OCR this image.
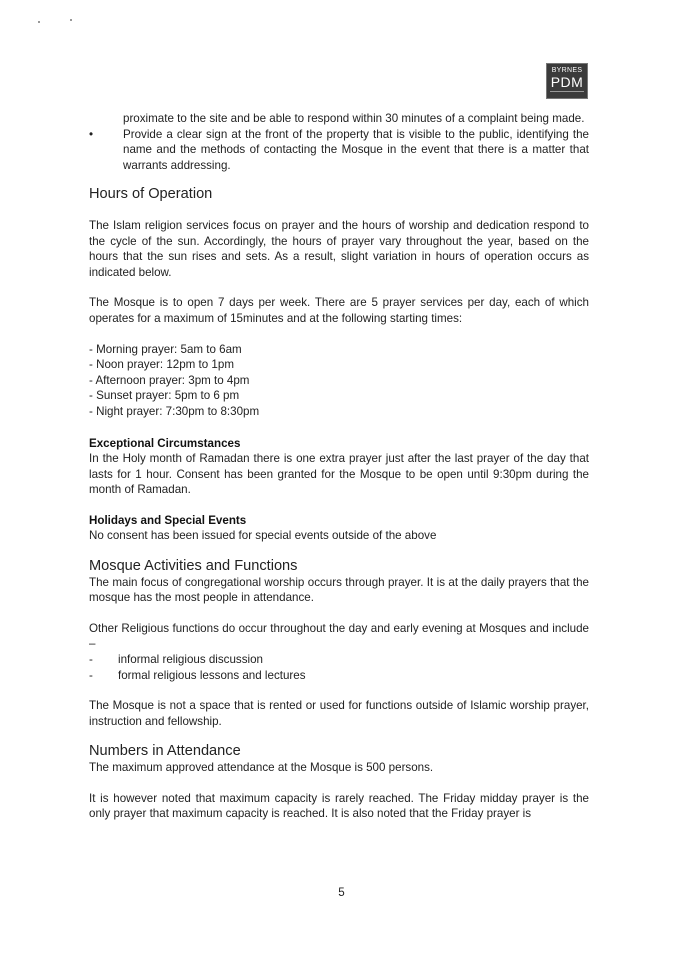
BYRNES
PDM
proximate to the site and be able to respond within 30 minutes of a complaint being made.
•	Provide a clear sign at the front of the property that is visible to the public, identifying the name and the methods of contacting the Mosque in the event that there is a matter that warrants addressing.
Hours of Operation

The Islam religion services focus on prayer and the hours of worship and dedication respond to the cycle of the sun. Accordingly, the hours of prayer vary throughout the year, based on the hours that the sun rises and sets. As a result, slight variation in hours of operation occurs as indicated below.

The Mosque is to open 7 days per week. There are 5 prayer services per day, each of which operates for a maximum of 15minutes and at the following starting times:

- Morning prayer: 5am to 6am
- Noon prayer: 12pm to 1pm
- Afternoon prayer: 3pm to 4pm
- Sunset prayer: 5pm to 6 pm
- Night prayer: 7:30pm to 8:30pm
Exceptional Circumstances

In the Holy month of Ramadan there is one extra prayer just after the last prayer of the day that lasts for 1 hour. Consent has been granted for the Mosque to be open until 9:30pm during the month of Ramadan.

Holidays and Special Events

No consent has been issued for special events outside of the above

Mosque Activities and Functions

The main focus of congregational worship occurs through prayer. It is at the daily prayers that the mosque has the most people in attendance.

Other Religious functions do occur throughout the day and early evening at Mosques and include –

- informal religious discussion
- formal religious lessons and lectures

The Mosque is not a space that is rented or used for functions outside of Islamic worship prayer, instruction and fellowship.

Numbers in Attendance

The maximum approved attendance at the Mosque is 500 persons.

It is however noted that maximum capacity is rarely reached. The Friday midday prayer is the only prayer that maximum capacity is reached. It is also noted that the Friday prayer is

5
